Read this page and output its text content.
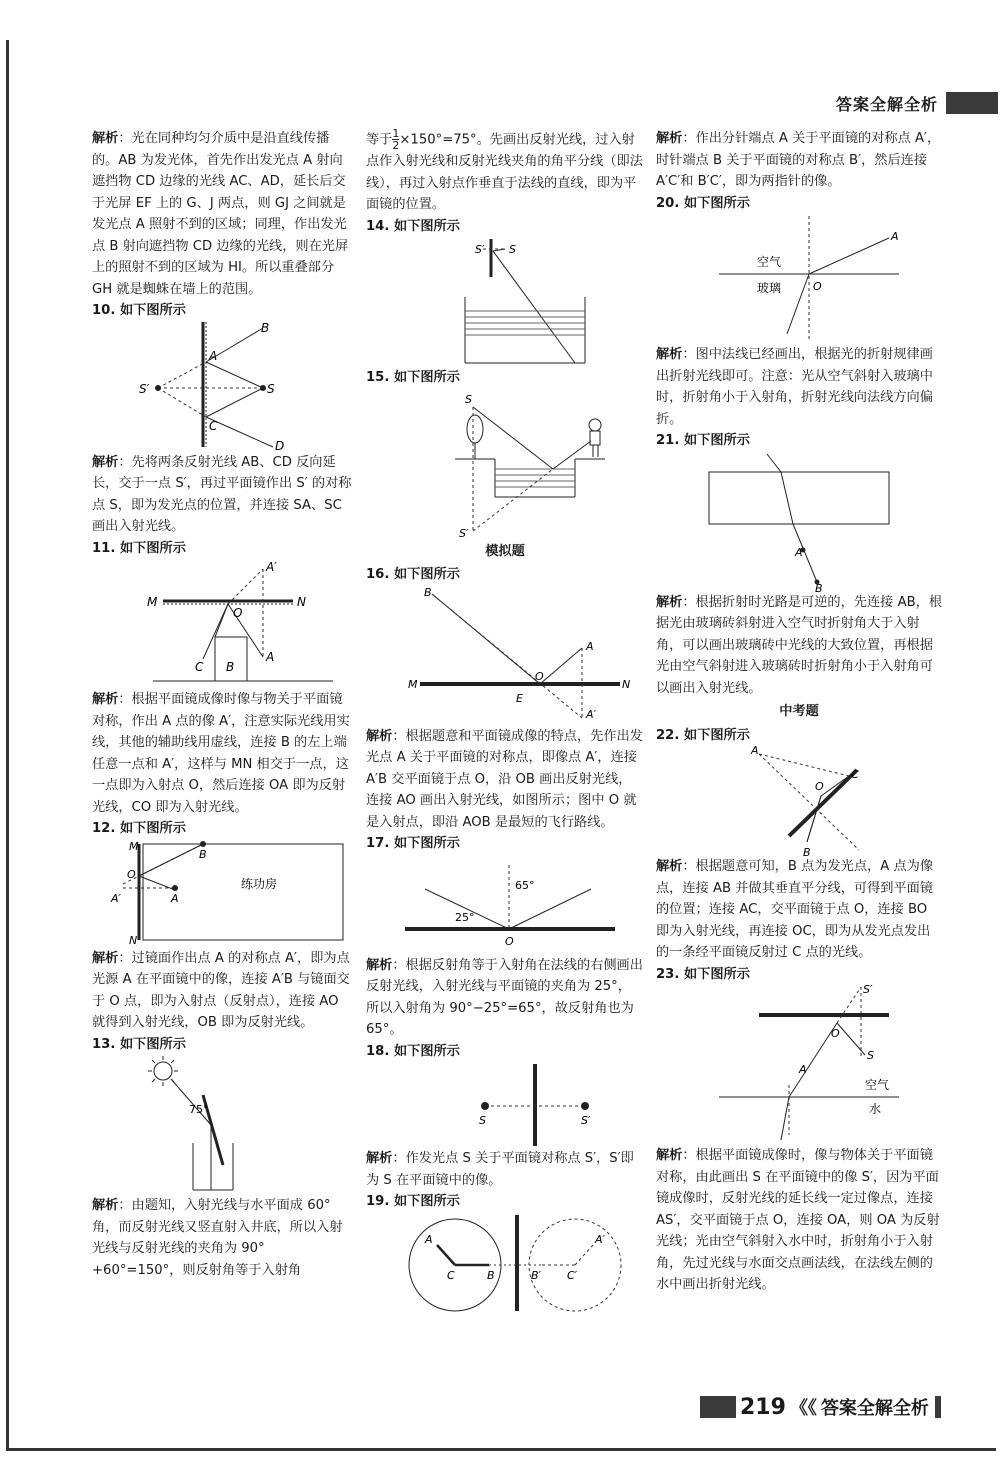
答案全解全析

解析：光在同种均匀介质中是沿直线传播的。AB 为发光体，首先作出发光点 A 射向遮挡物 CD 边缘的光线 AC、AD，延长后交于光屏 EF 上的 G、J 两点，则 GJ 之间就是发光点 A 照射不到的区域；同理，作出发光点 B 射向遮挡物 CD 边缘的光线，则在光屏上的照射不到的区域为 HI。所以重叠部分 GH 就是蜘蛛在墙上的范围。

10. 如下图所示

S′	S
A
C
B
D

解析：先将两条反射光线 AB、CD 反向延长，交于一点 S′，再过平面镜作出 S′ 的对称点 S，即为发光点的位置，并连接 SA、SC 画出入射光线。

11. 如下图所示

M	N
O
A′
A
B
C

解析：根据平面镜成像时像与物关于平面镜对称，作出 A 点的像 A′，注意实际光线用实线，其他的辅助线用虚线，连接 B 的左上端任意一点和 A′，这样与 MN 相交于一点，这一点即为入射点 O，然后连接 OA 即为反射光线，CO 即为入射光线。

12. 如下图所示

M
N
O
A′	A
B
练功房

解析：过镜面作出点 A 的对称点 A′，即为点光源 A 在平面镜中的像，连接 A′B 与镜面交于 O 点，即为入射点（反射点），连接 AO 就得到入射光线，OB 即为反射光线。

13. 如下图所示

75°

解析：由题知，入射光线与水平面成 60°角，而反射光线又竖直射入井底，所以入射光线与反射光线的夹角为 90°+60°=150°，则反射角等于入射角

等于 $\frac{1}{2} \times 150^\circ=75^\circ$。先画出反射光线，过入射点作入射光线和反射光线夹角的角平分线（即法线），再过入射点作垂直于法线的直线，即为平面镜的位置。

14. 如下图所示

S′ S

15. 如下图所示

S
S′

模拟题

16. 如下图所示

B
A
A′
M	N
O
E

解析：根据题意和平面镜成像的特点，先作出发光点 A 关于平面镜的对称点，即像点 A′，连接 A′B 交平面镜于点 O，沿 OB 画出反射光线，连接 AO 画出入射光线，如图所示；图中 O 就是入射点，即沿 AOB 是最短的飞行路线。

17. 如下图所示

25°
65°
O

解析：根据反射角等于入射角在法线的右侧画出反射光线，入射光线与平面镜的夹角为 25°，所以入射角为 90°−25°=65°，故反射角也为 65°。

18. 如下图所示

S	S′

解析：作发光点 S 关于平面镜对称点 S′，S′即为 S 在平面镜中的像。

19. 如下图所示

A
C	B
A′
C′
B′

解析：作出分针端点 A 关于平面镜的对称点 A′，时针端点 B 关于平面镜的对称点 B′，然后连接 A′C′和 B′C′，即为两指针的像。

20. 如下图所示

空气
玻璃
A
O

解析：图中法线已经画出，根据光的折射规律画出折射光线即可。注意：光从空气斜射入玻璃中时，折射角小于入射角，折射光线向法线方向偏折。

21. 如下图所示

A
B

解析：根据折射时光路是可逆的，先连接 AB，根据光由玻璃砖斜射进入空气时折射角大于入射角，可以画出玻璃砖中光线的大致位置，再根据光由空气斜射进入玻璃砖时折射角小于入射角可以画出入射光线。

中考题

22. 如下图所示

A
B
C
O

解析：根据题意可知，B 点为发光点，A 点为像点，连接 AB 并做其垂直平分线，可得到平面镜的位置；连接 AC，交平面镜于点 O，连接 BO 即为入射光线，再连接 OC，即为从发光点发出的一条经平面镜反射过 C 点的光线。

23. 如下图所示

S′
S
O
A
空气
水

解析：根据平面镜成像时，像与物体关于平面镜对称，由此画出 S 在平面镜中的像 S′，因为平面镜成像时，反射光线的延长线一定过像点，连接 AS′，交平面镜于点 O，连接 OA，则 OA 为反射光线；光由空气斜射入水中时，折射角小于入射角，先过光线与水面交点画法线，在法线左侧的水中画出折射光线。

219 《《 答案全解全析
